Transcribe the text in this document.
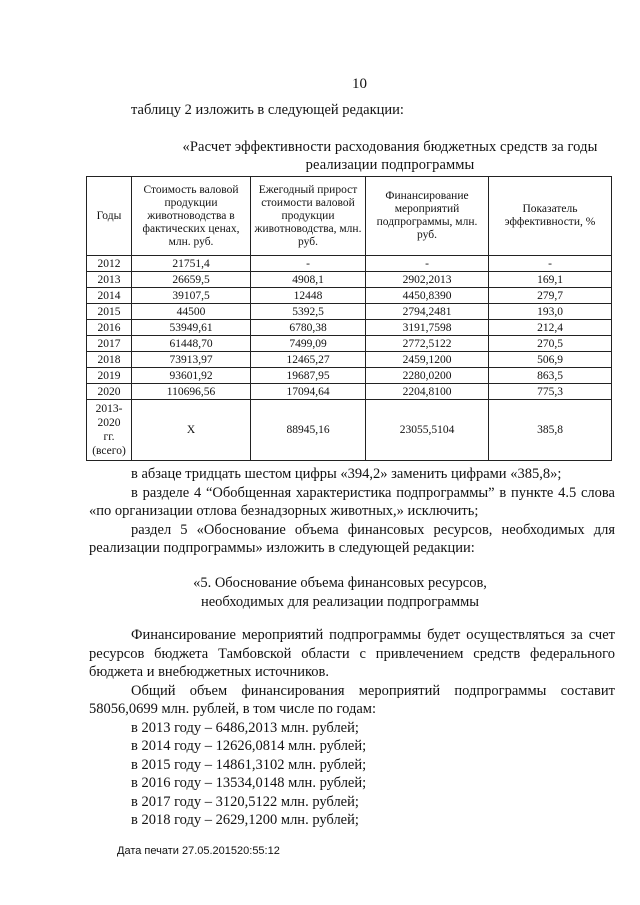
10
таблицу 2 изложить в следующей редакции:
«Расчет эффективности расходования бюджетных средств за годы
реализации подпрограммы
Годы	Стоимость валовой продукции животноводства в фактических ценах, млн. руб.	Ежегодный прирост стоимости валовой продукции животноводства, млн. руб.	Финансирование мероприятий подпрограммы, млн. руб.	Показатель эффективности, %
2012	21751,4	-	-	-
2013	26659,5	4908,1	2902,2013	169,1
2014	39107,5	12448	4450,8390	279,7
2015	44500	5392,5	2794,2481	193,0
2016	53949,61	6780,38	3191,7598	212,4
2017	61448,70	7499,09	2772,5122	270,5
2018	73913,97	12465,27	2459,1200	506,9
2019	93601,92	19687,95	2280,0200	863,5
2020	110696,56	17094,64	2204,8100	775,3

2013-
2020
гг.
(всего)	Х	88945,16	23055,5104	385,8

в абзаце тридцать шестом цифры «394,2» заменить цифрами «385,8»;

в разделе 4 “Обобщенная характеристика подпрограммы” в пункте 4.5 слова «по организации отлова безнадзорных животных,» исключить;

раздел 5 «Обоснование объема финансовых ресурсов, необходимых для реализации подпрограммы» изложить в следующей редакции:

«5. Обоснование объема финансовых ресурсов,
необходимых для реализации подпрограммы

Финансирование мероприятий подпрограммы будет осуществляться за счет ресурсов бюджета Тамбовской области с привлечением средств федерального бюджета и внебюджетных источников.

Общий объем финансирования мероприятий подпрограммы составит 58056,0699 млн. рублей, в том числе по годам:

в 2013 году – 6486,2013 млн. рублей;

в 2014 году – 12626,0814 млн. рублей;

в 2015 году – 14861,3102 млн. рублей;

в 2016 году – 13534,0148 млн. рублей;

в 2017 году – 3120,5122 млн. рублей;

в 2018 году – 2629,1200 млн. рублей;

Дата печати 27.05.201520:55:12
